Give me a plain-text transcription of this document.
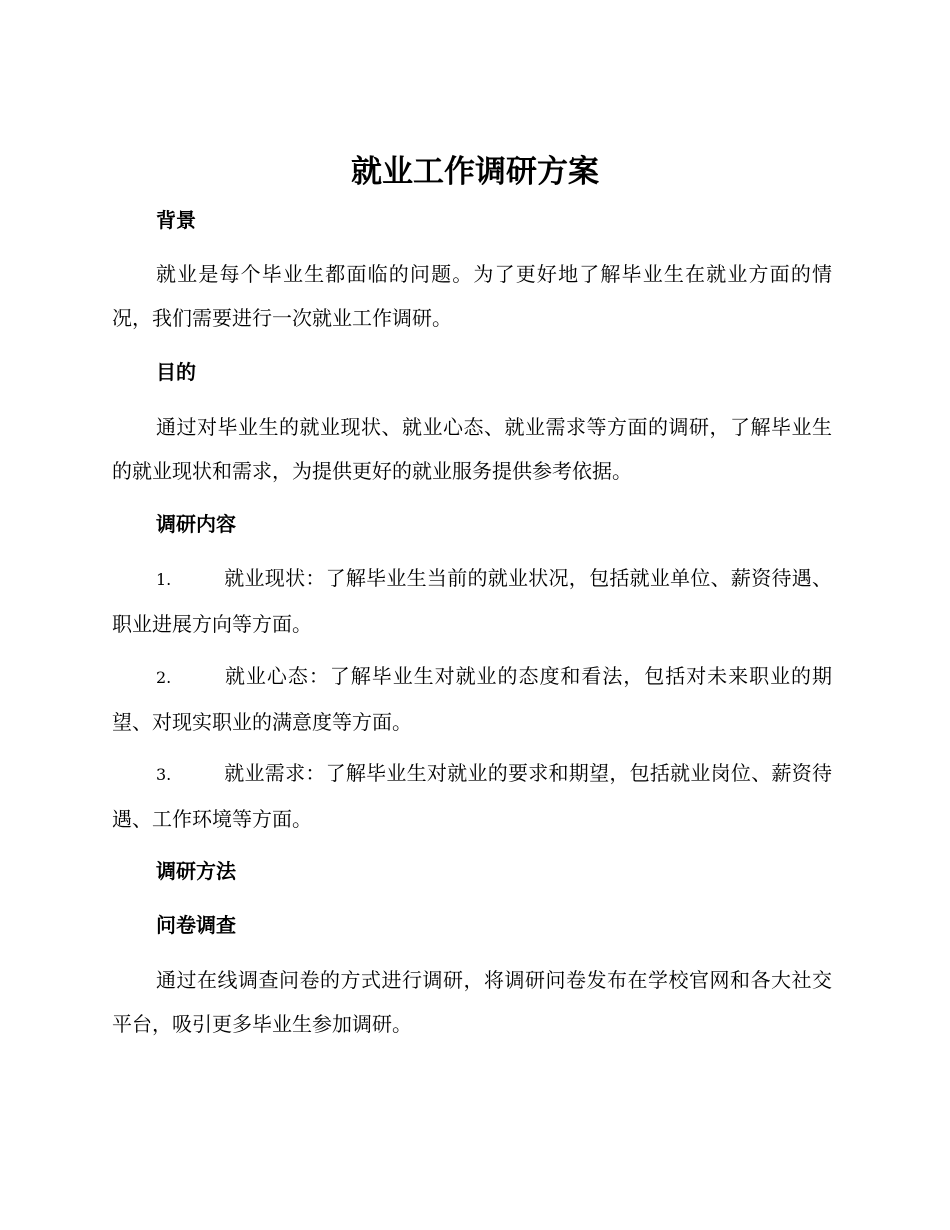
就业工作调研方案
背景

就业是每个毕业生都面临的问题。为了更好地了解毕业生在就业方面的情况，我们需要进行一次就业工作调研。

目的

通过对毕业生的就业现状、就业心态、就业需求等方面的调研，了解毕业生的就业现状和需求，为提供更好的就业服务提供参考依据。

调研内容

1.	就业现状：了解毕业生当前的就业状况，包括就业单位、薪资待遇、职业进展方向等方面。

2.	就业心态：了解毕业生对就业的态度和看法，包括对未来职业的期望、对现实职业的满意度等方面。

3.	就业需求：了解毕业生对就业的要求和期望，包括就业岗位、薪资待遇、工作环境等方面。

调研方法
问卷调查

通过在线调查问卷的方式进行调研，将调研问卷发布在学校官网和各大社交平台，吸引更多毕业生参加调研。
